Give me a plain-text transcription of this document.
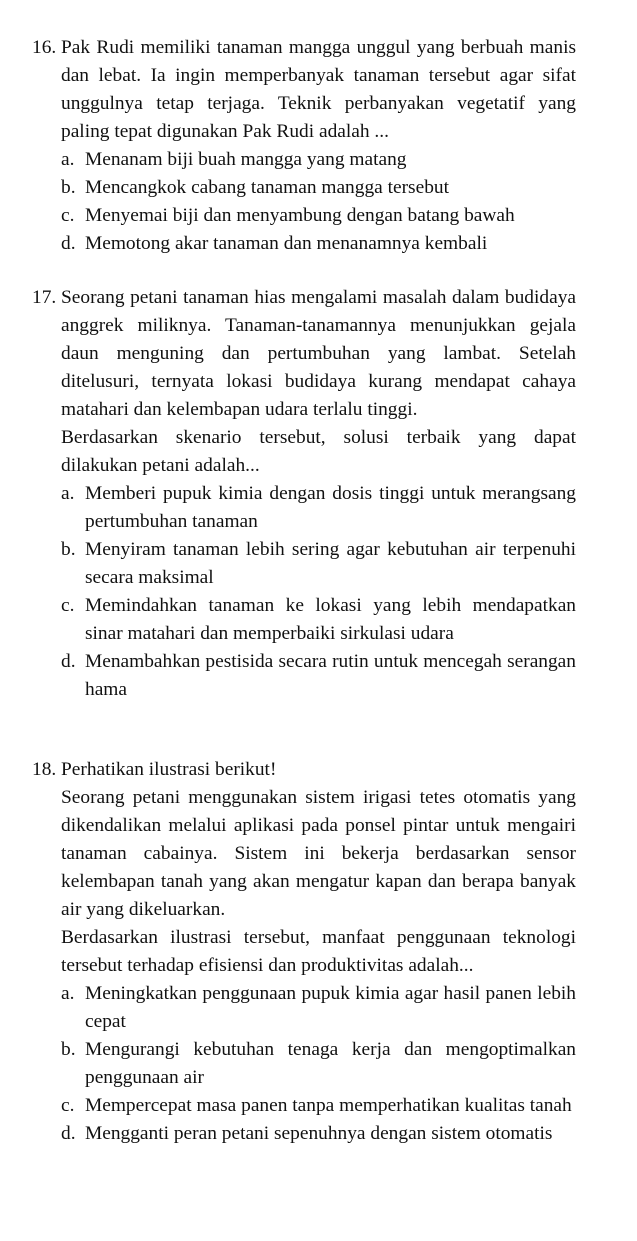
16. Pak Rudi memiliki tanaman mangga unggul yang berbuah manis dan lebat. Ia ingin memperbanyak tanaman tersebut agar sifat unggulnya tetap terjaga. Teknik perbanyakan vegetatif yang paling tepat digunakan Pak Rudi adalah ...
a. Menanam biji buah mangga yang matang
b. Mencangkok cabang tanaman mangga tersebut
c. Menyemai biji dan menyambung dengan batang bawah
d. Memotong akar tanaman dan menanamnya kembali
17. Seorang petani tanaman hias mengalami masalah dalam budidaya anggrek miliknya. Tanaman-tanamannya menunjukkan gejala daun menguning dan pertumbuhan yang lambat. Setelah ditelusuri, ternyata lokasi budidaya kurang mendapat cahaya matahari dan kelembapan udara terlalu tinggi.
Berdasarkan skenario tersebut, solusi terbaik yang dapat dilakukan petani adalah...
a. Memberi pupuk kimia dengan dosis tinggi untuk merangsang pertumbuhan tanaman
b. Menyiram tanaman lebih sering agar kebutuhan air terpenuhi secara maksimal
c. Memindahkan tanaman ke lokasi yang lebih mendapatkan sinar matahari dan memperbaiki sirkulasi udara
d. Menambahkan pestisida secara rutin untuk mencegah serangan hama
18. Perhatikan ilustrasi berikut!
Seorang petani menggunakan sistem irigasi tetes otomatis yang dikendalikan melalui aplikasi pada ponsel pintar untuk mengairi tanaman cabainya. Sistem ini bekerja berdasarkan sensor kelembapan tanah yang akan mengatur kapan dan berapa banyak air yang dikeluarkan.
Berdasarkan ilustrasi tersebut, manfaat penggunaan teknologi tersebut terhadap efisiensi dan produktivitas adalah...
a. Meningkatkan penggunaan pupuk kimia agar hasil panen lebih cepat
b. Mengurangi kebutuhan tenaga kerja dan mengoptimalkan penggunaan air
c. Mempercepat masa panen tanpa memperhatikan kualitas tanah
d. Mengganti peran petani sepenuhnya dengan sistem otomatis
